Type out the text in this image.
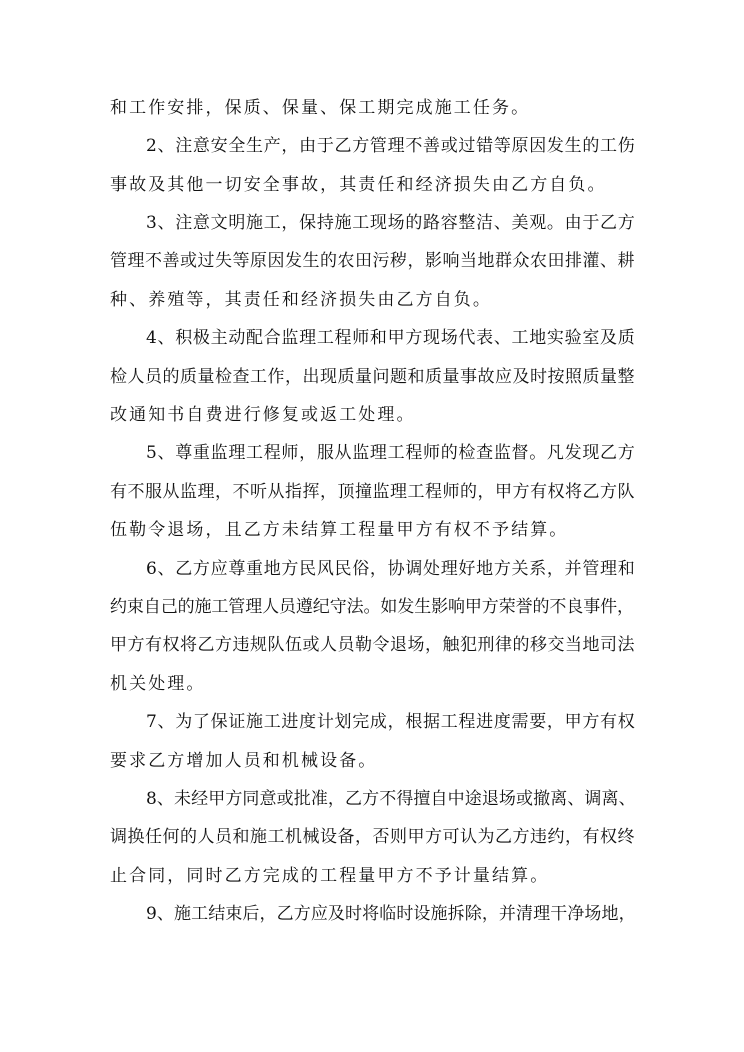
和工作安排，保质、保量、保工期完成施工任务。
2、注意安全生产，由于乙方管理不善或过错等原因发生的工伤
事故及其他一切安全事故，其责任和经济损失由乙方自负。
3、注意文明施工，保持施工现场的路容整洁、美观。由于乙方
管理不善或过失等原因发生的农田污秽，影响当地群众农田排灌、耕
种、养殖等，其责任和经济损失由乙方自负。
4、积极主动配合监理工程师和甲方现场代表、工地实验室及质
检人员的质量检查工作，出现质量问题和质量事故应及时按照质量整
改通知书自费进行修复或返工处理。
5、尊重监理工程师，服从监理工程师的检查监督。凡发现乙方
有不服从监理，不听从指挥，顶撞监理工程师的，甲方有权将乙方队
伍勒令退场，且乙方未结算工程量甲方有权不予结算。
6、乙方应尊重地方民风民俗，协调处理好地方关系，并管理和
约束自己的施工管理人员遵纪守法。如发生影响甲方荣誉的不良事件，
甲方有权将乙方违规队伍或人员勒令退场，触犯刑律的移交当地司法
机关处理。
7、为了保证施工进度计划完成，根据工程进度需要，甲方有权
要求乙方增加人员和机械设备。
8、未经甲方同意或批准，乙方不得擅自中途退场或撤离、调离、
调换任何的人员和施工机械设备，否则甲方可认为乙方违约，有权终
止合同，同时乙方完成的工程量甲方不予计量结算。
9、施工结束后，乙方应及时将临时设施拆除，并清理干净场地，
